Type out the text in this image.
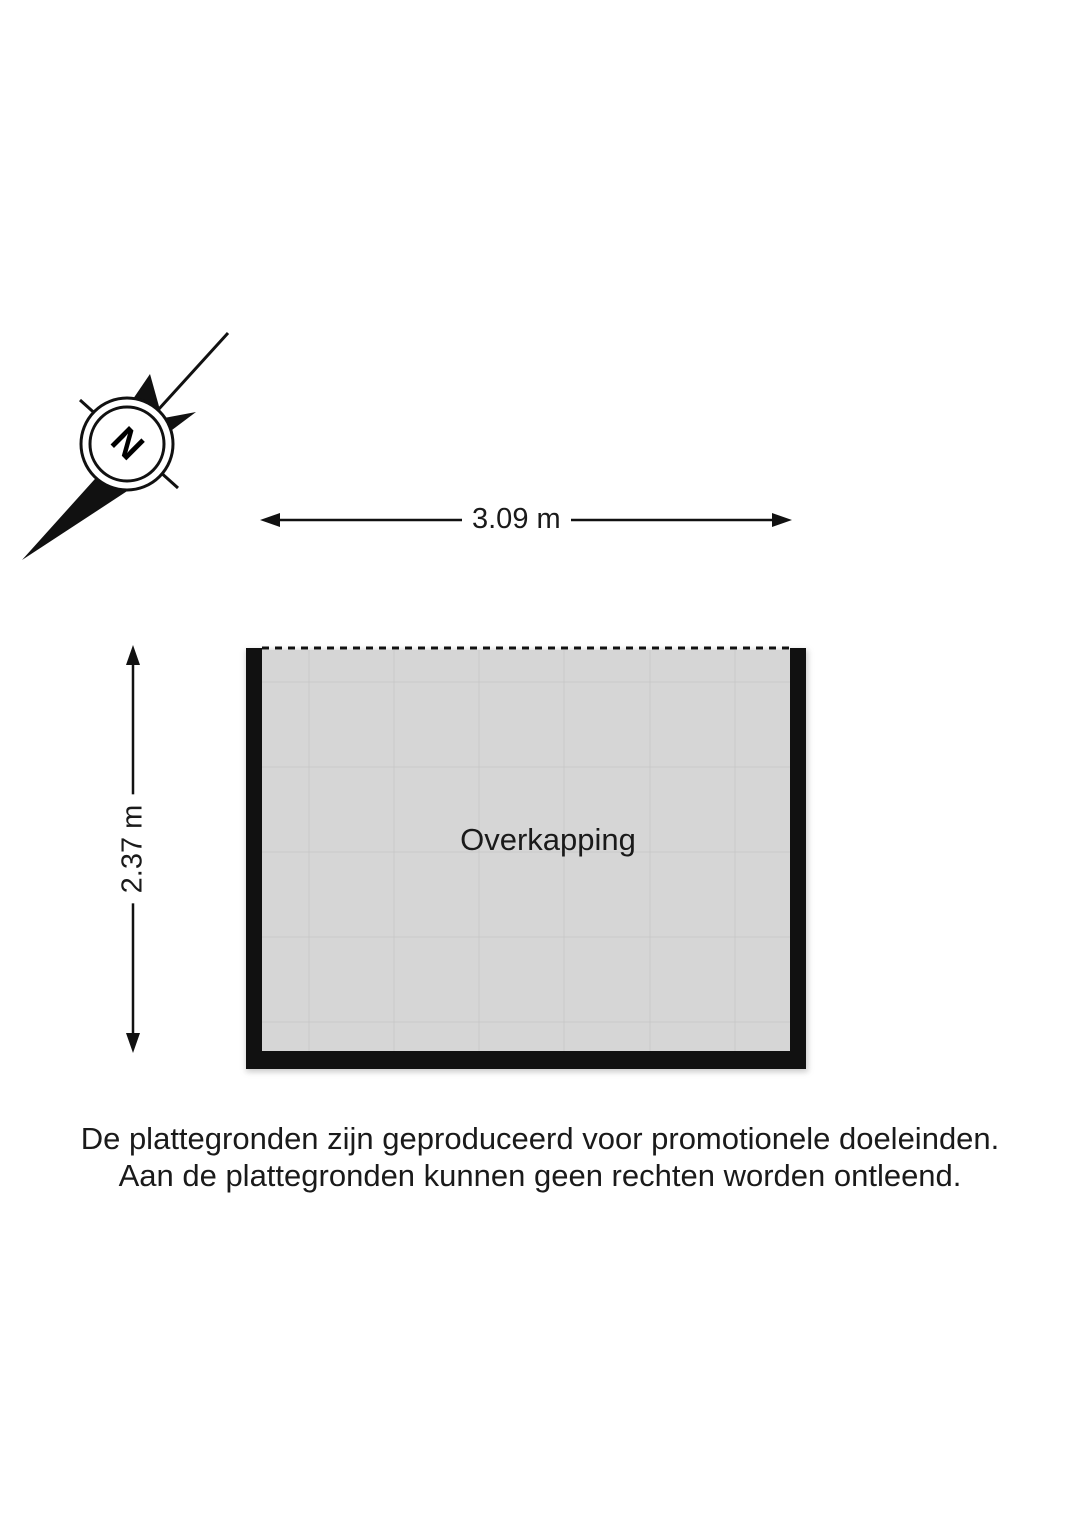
N
3.09 m
2.37 m	Overkapping
De plattegronden zijn geproduceerd voor promotionele doeleinden.
Aan de plattegronden kunnen geen rechten worden ontleend.
